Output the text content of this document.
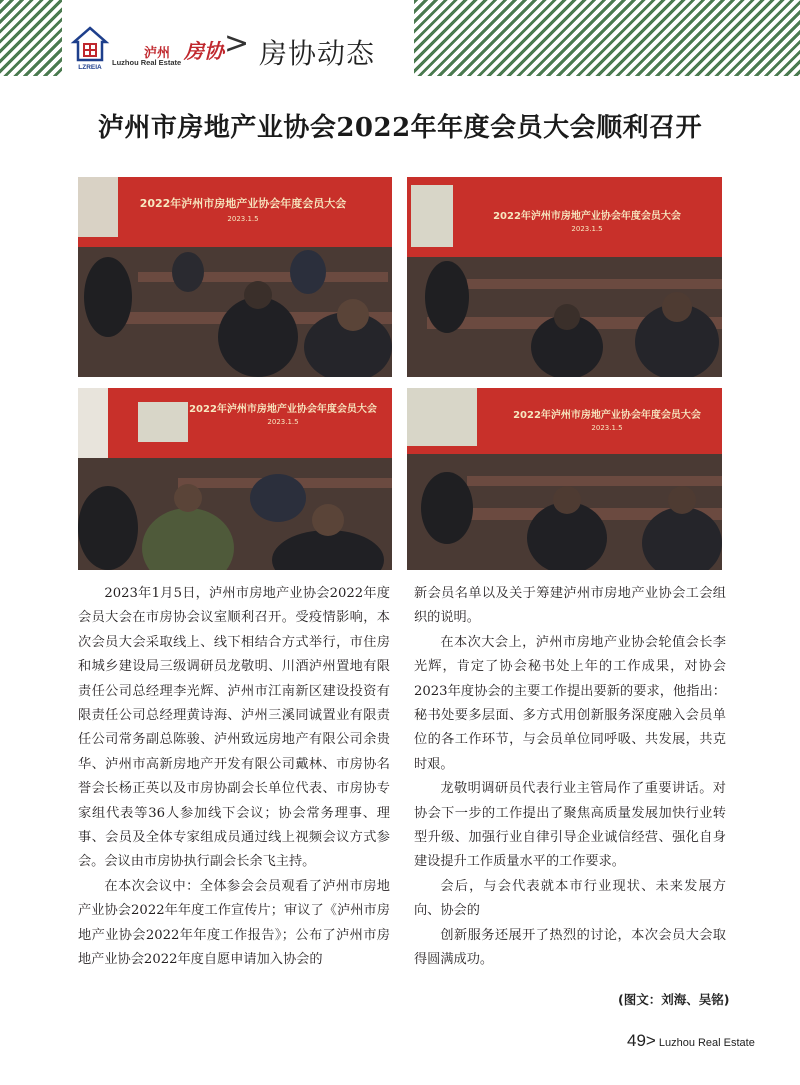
LZREIA
泸州 房协
Luzhou Real Estate
> 房协动态
泸州市房地产业协会2022年年度会员大会顺利召开
2022年泸州市房地产业协会年度会员大会
2023.1.5	2022年泸州市房地产业协会年度会员大会
2023.1.5
2022年泸州市房地产业协会年度会员大会
2023.1.5
2022年泸州市房地产业协会年度会员大会
2023.1.5

2023年1月5日，泸州市房地产业协会2022年度会员大会在市房协会议室顺利召开。受疫情影响，本次会员大会采取线上、线下相结合方式举行，市住房和城乡建设局三级调研员龙敬明、川酒泸州置地有限责任公司总经理李光辉、泸州市江南新区建设投资有限责任公司总经理黄诗海、泸州三溪同诚置业有限责任公司常务副总陈骏、泸州致远房地产有限公司余贵华、泸州市高新房地产开发有限公司戴林、市房协名誉会长杨正英以及市房协副会长单位代表、市房协专家组代表等36人参加线下会议；协会常务理事、理事、会员及全体专家组成员通过线上视频会议方式参会。会议由市房协执行副会长余飞主持。

在本次会议中：全体参会会员观看了泸州市房地产业协会2022年年度工作宣传片；审议了《泸州市房地产业协会2022年年度工作报告》；公布了泸州市房地产业协会2022年度自愿申请加入协会的

新会员名单以及关于筹建泸州市房地产业协会工会组织的说明。

在本次大会上，泸州市房地产业协会轮值会长李光辉，肯定了协会秘书处上年的工作成果，对协会2023年度协会的主要工作提出要新的要求，他指出：秘书处要多层面、多方式用创新服务深度融入会员单位的各工作环节，与会员单位同呼吸、共发展，共克时艰。

龙敬明调研员代表行业主管局作了重要讲话。对协会下一步的工作提出了聚焦高质量发展加快行业转型升级、加强行业自律引导企业诚信经营、强化自身建设提升工作质量水平的工作要求。

会后，与会代表就本市行业现状、未来发展方向、协会的

创新服务还展开了热烈的讨论，本次会员大会取得圆满成功。

(图文：刘海、吴铭)
49> Luzhou Real Estate
